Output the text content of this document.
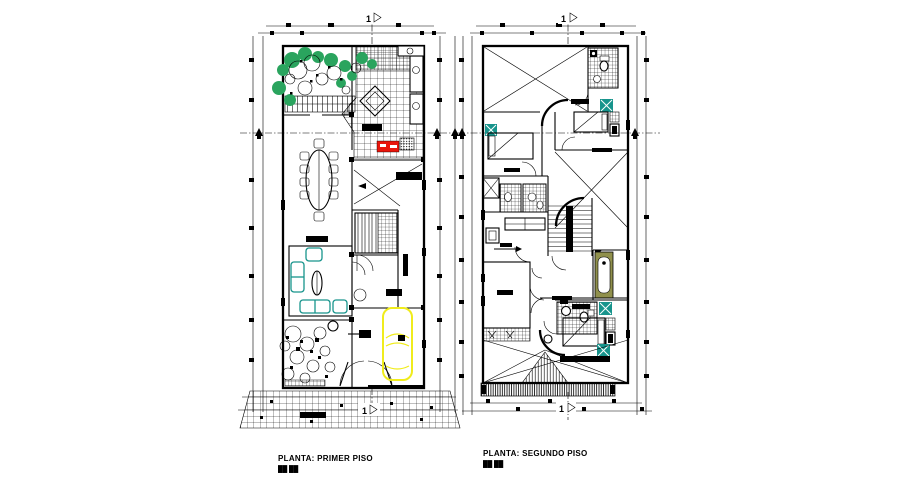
1
1
PLANTA: PRIMER PISO
██ ██
1
1
PLANTA: SEGUNDO PISO
██ ██
